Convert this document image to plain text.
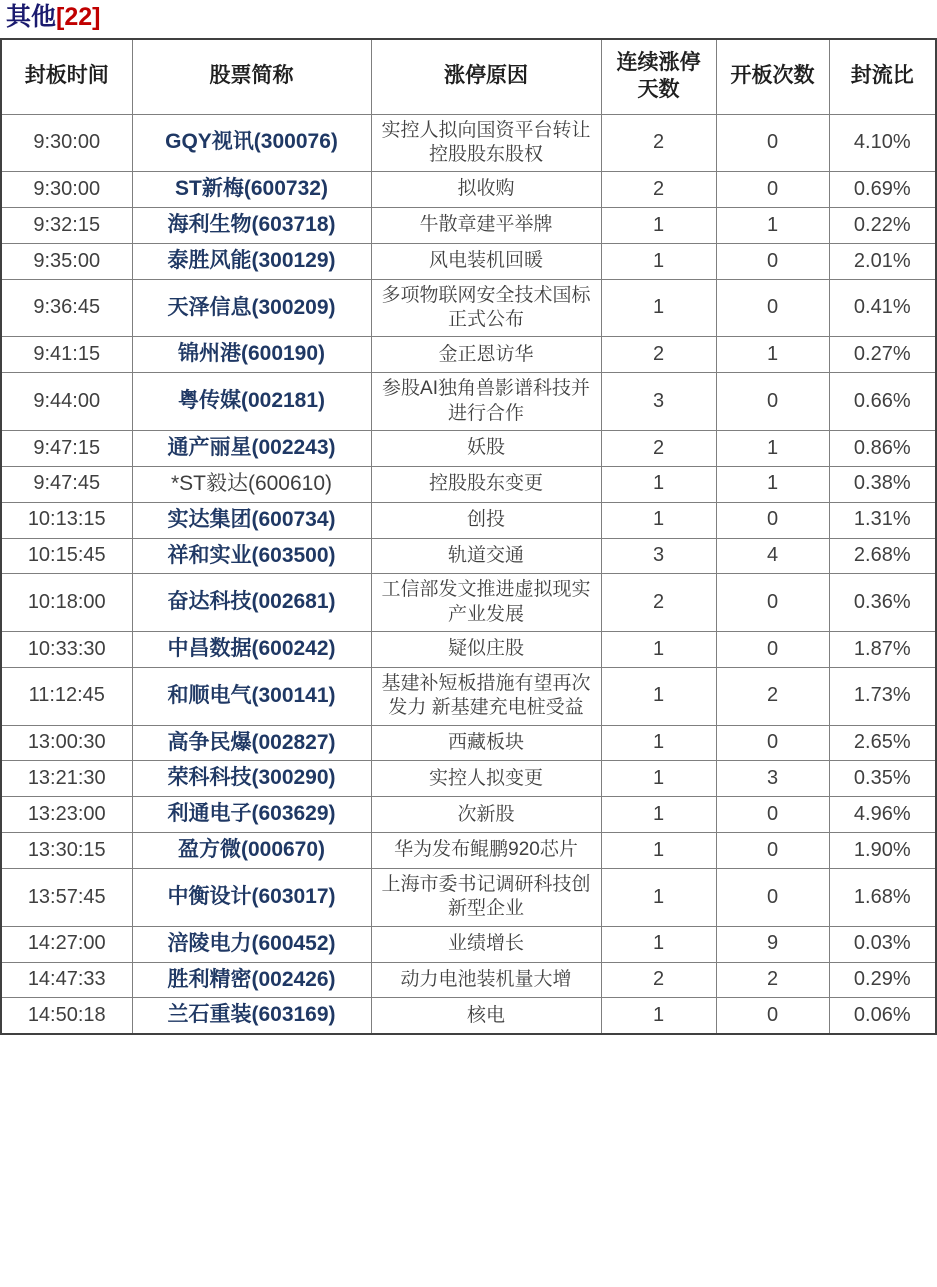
其他[22]
封板时间	股票简称	涨停原因	连续涨停天数	开板次数	封流比
9:30:00	GQY视讯(300076)	实控人拟向国资平台转让控股股东股权	2	0	4.10%
9:30:00	ST新梅(600732)	拟收购	2	0	0.69%
9:32:15	海利生物(603718)	牛散章建平举牌	1	1	0.22%
9:35:00	泰胜风能(300129)	风电装机回暖	1	0	2.01%
9:36:45	天泽信息(300209)	多项物联网安全技术国标正式公布	1	0	0.41%
9:41:15	锦州港(600190)	金正恩访华	2	1	0.27%
9:44:00	粤传媒(002181)	参股AI独角兽影谱科技并进行合作	3	0	0.66%
9:47:15	通产丽星(002243)	妖股	2	1	0.86%
9:47:45	*ST毅达(600610)	控股股东变更	1	1	0.38%
10:13:15	实达集团(600734)	创投	1	0	1.31%
10:15:45	祥和实业(603500)	轨道交通	3	4	2.68%
10:18:00	奋达科技(002681)	工信部发文推进虚拟现实产业发展	2	0	0.36%
10:33:30	中昌数据(600242)	疑似庄股	1	0	1.87%
11:12:45	和顺电气(300141)	基建补短板措施有望再次发力 新基建充电桩受益	1	2	1.73%
13:00:30	高争民爆(002827)	西藏板块	1	0	2.65%
13:21:30	荣科科技(300290)	实控人拟变更	1	3	0.35%
13:23:00	利通电子(603629)	次新股	1	0	4.96%
13:30:15	盈方微(000670)	华为发布鲲鹏920芯片	1	0	1.90%
13:57:45	中衡设计(603017)	上海市委书记调研科技创新型企业	1	0	1.68%
14:27:00	涪陵电力(600452)	业绩增长	1	9	0.03%
14:47:33	胜利精密(002426)	动力电池装机量大增	2	2	0.29%
14:50:18	兰石重装(603169)	核电	1	0	0.06%
